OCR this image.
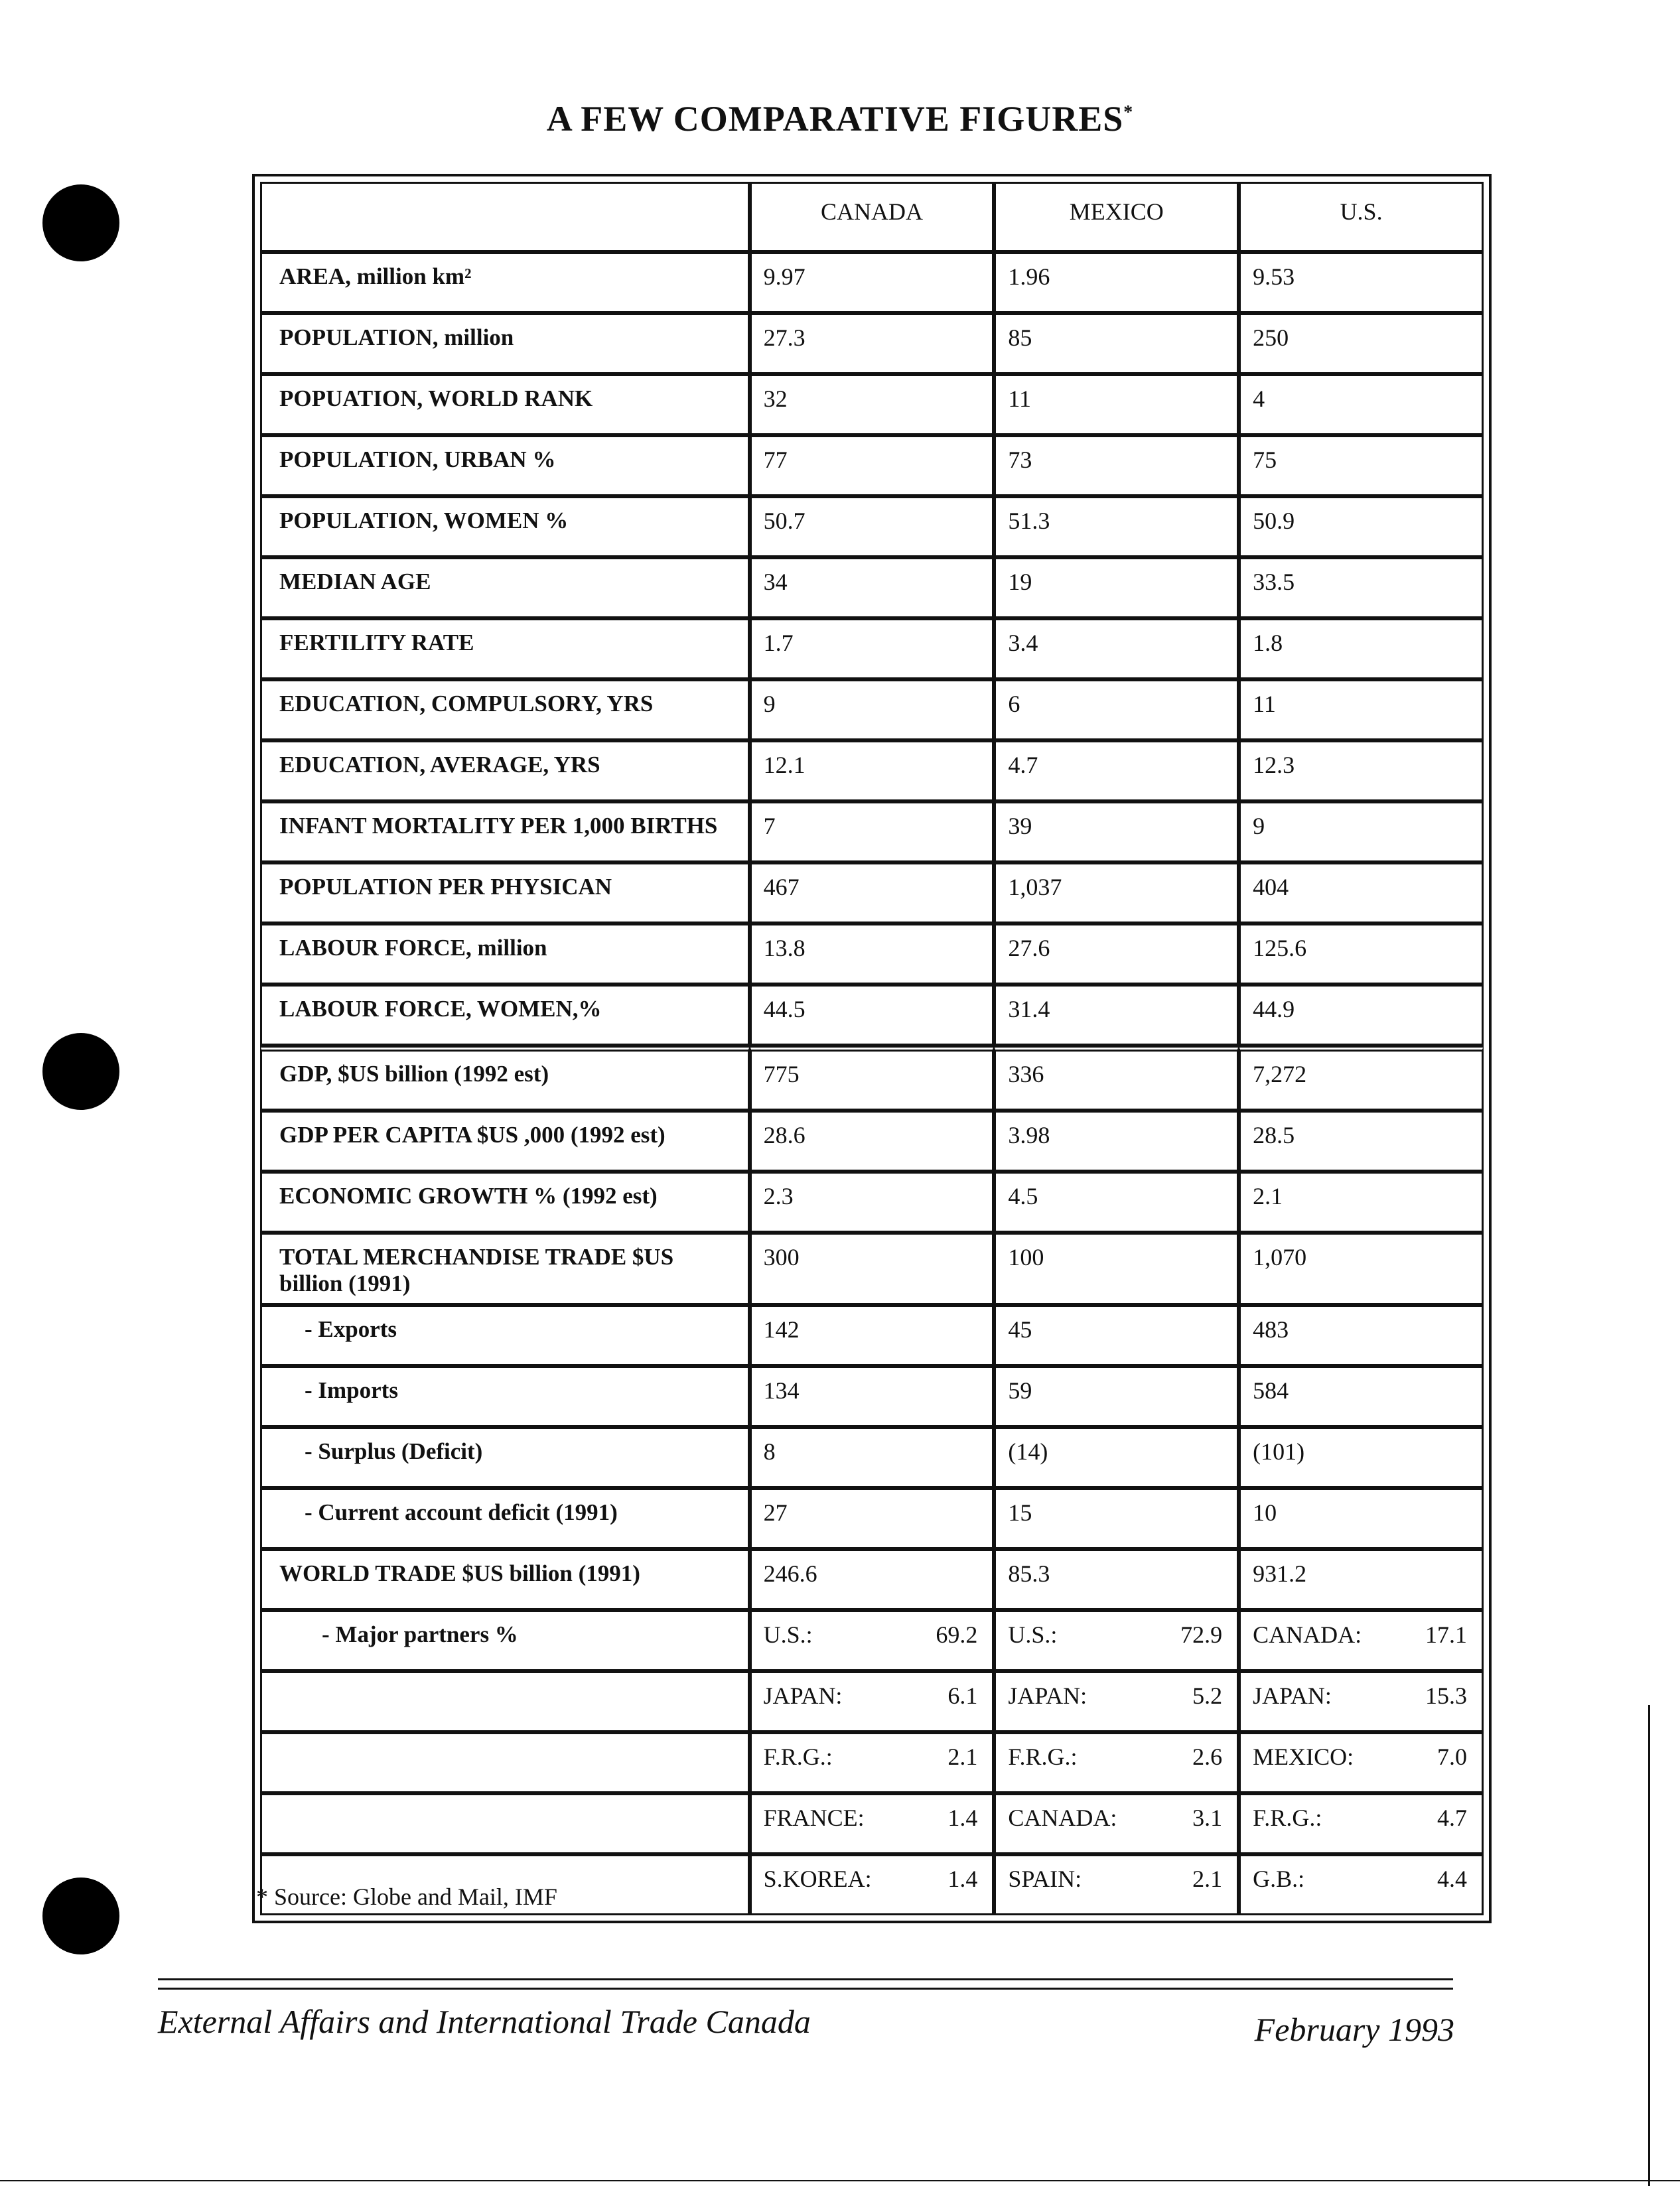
A FEW COMPARATIVE FIGURES*
	CANADA		MEXICO		U.S.	
AREA, million km²	9.97		1.96		9.53	
POPULATION, million	27.3		85		250	
POPUATION, WORLD RANK	32		11		4	
POPULATION, URBAN %	77		73		75	
POPULATION, WOMEN %	50.7		51.3		50.9	
MEDIAN AGE	34		19		33.5	
FERTILITY RATE	1.7		3.4		1.8	
EDUCATION, COMPULSORY, YRS	9		6		11	
EDUCATION, AVERAGE, YRS	12.1		4.7		12.3	
INFANT MORTALITY PER 1,000 BIRTHS	7		39		9	
POPULATION PER PHYSICAN	467		1,037		404	
LABOUR FORCE, million	13.8		27.6		125.6	
LABOUR FORCE, WOMEN,%	44.5		31.4		44.9	
GDP, $US billion (1992 est)	775		336		7,272	
GDP PER CAPITA $US ,000 (1992 est)	28.6		3.98		28.5	
ECONOMIC GROWTH % (1992 est)	2.3		4.5		2.1	
TOTAL MERCHANDISE TRADE $US billion (1991)	300		100		1,070	
- Exports	142		45		483	
- Imports	134		59		584	
- Surplus (Deficit)	8		(14)		(101)	
- Current account deficit (1991)	27		15		10	
WORLD TRADE $US billion (1991)	246.6		85.3		931.2	
- Major partners %	U.S.:	69.2	U.S.:	72.9	CANADA:	17.1
	JAPAN:	6.1	JAPAN:	5.2	JAPAN:	15.3
	F.R.G.:	2.1	F.R.G.:	2.6	MEXICO:	7.0
	FRANCE:	1.4	CANADA:	3.1	F.R.G.:	4.7
	S.KOREA:	1.4	SPAIN:	2.1	G.B.:	4.4
* Source: Globe and Mail, IMF
External Affairs and International Trade Canada	February 1993
